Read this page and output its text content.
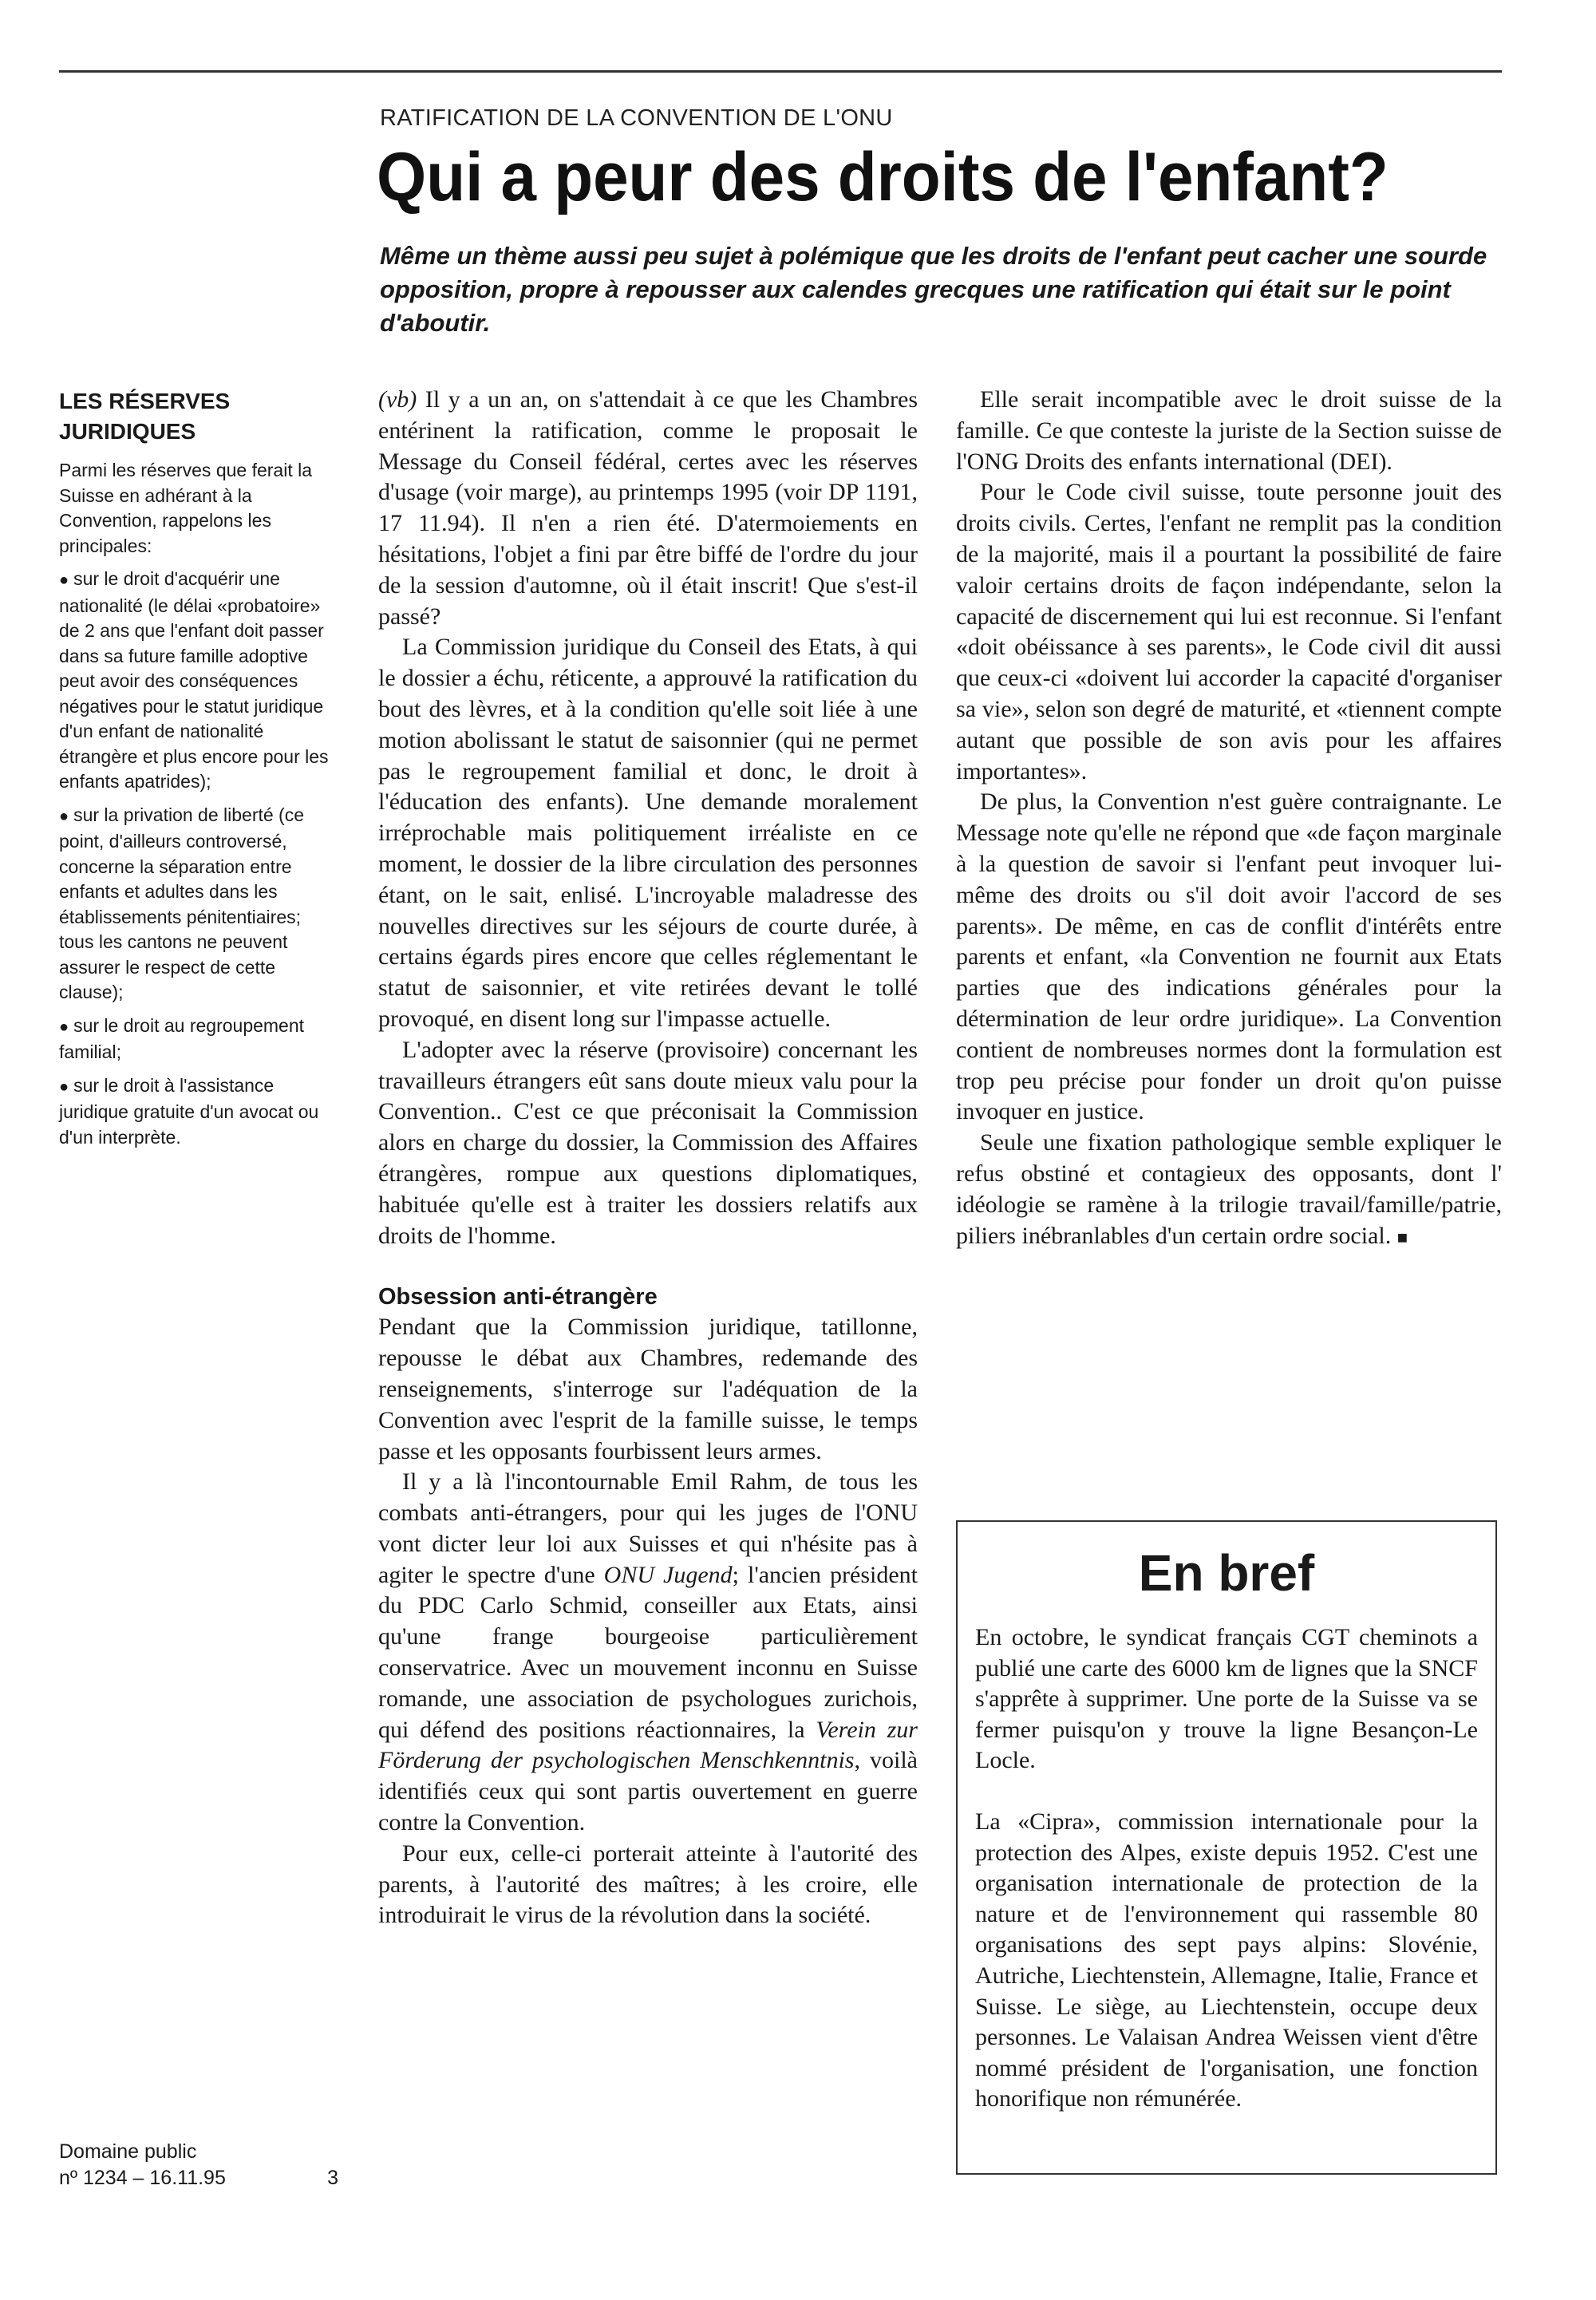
RATIFICATION DE LA CONVENTION DE L'ONU
Qui a peur des droits de l'enfant?

Même un thème aussi peu sujet à polémique que les droits de l'enfant peut cacher une sourde opposition, propre à repousser aux calendes grecques une ratification qui était sur le point d'aboutir.

LES RÉSERVES JURIDIQUES

Parmi les réserves que ferait la Suisse en adhérant à la Convention, rappelons les principales:

● sur le droit d'acquérir une nationalité (le délai «probatoire» de 2 ans que l'enfant doit passer dans sa future famille adoptive peut avoir des conséquences négatives pour le statut juridique d'un enfant de nationalité étrangère et plus encore pour les enfants apatrides);

● sur la privation de liberté (ce point, d'ailleurs controversé, concerne la séparation entre enfants et adultes dans les établissements pénitentiaires; tous les cantons ne peuvent assurer le respect de cette clause);

● sur le droit au regroupement familial;

● sur le droit à l'assistance juridique gratuite d'un avocat ou d'un interprète.

Domaine public
nº 1234 – 16.11.95	3

(vb) Il y a un an, on s'attendait à ce que les Chambres entérinent la ratification, comme le proposait le Message du Conseil fédéral, certes avec les réserves d'usage (voir marge), au printemps 1995 (voir DP 1191, 17 11.94). Il n'en a rien été. D'atermoiements en hésitations, l'objet a fini par être biffé de l'ordre du jour de la session d'automne, où il était inscrit! Que s'est-il passé?

La Commission juridique du Conseil des Etats, à qui le dossier a échu, réticente, a approuvé la ratification du bout des lèvres, et à la condition qu'elle soit liée à une motion abolissant le statut de saisonnier (qui ne permet pas le regroupement familial et donc, le droit à l'éducation des enfants). Une demande moralement irréprochable mais politiquement irréaliste en ce moment, le dossier de la libre circulation des personnes étant, on le sait, enlisé. L'incroyable maladresse des nouvelles directives sur les séjours de courte durée, à certains égards pires encore que celles réglementant le statut de saisonnier, et vite retirées devant le tollé provoqué, en disent long sur l'impasse actuelle.

L'adopter avec la réserve (provisoire) concernant les travailleurs étrangers eût sans doute mieux valu pour la Convention.. C'est ce que préconisait la Commission alors en charge du dossier, la Commission des Affaires étrangères, rompue aux questions diplomatiques, habituée qu'elle est à traiter les dossiers relatifs aux droits de l'homme.

Obsession anti-étrangère

Pendant que la Commission juridique, tatillonne, repousse le débat aux Chambres, redemande des renseignements, s'interroge sur l'adéquation de la Convention avec l'esprit de la famille suisse, le temps passe et les opposants fourbissent leurs armes.

Il y a là l'incontournable Emil Rahm, de tous les combats anti-étrangers, pour qui les juges de l'ONU vont dicter leur loi aux Suisses et qui n'hésite pas à agiter le spectre d'une ONU Jugend; l'ancien président du PDC Carlo Schmid, conseiller aux Etats, ainsi qu'une frange bourgeoise particulièrement conservatrice. Avec un mouvement inconnu en Suisse romande, une association de psychologues zurichois, qui défend des positions réactionnaires, la Verein zur Förderung der psychologischen Menschkenntnis, voilà identifiés ceux qui sont partis ouvertement en guerre contre la Convention.

Pour eux, celle-ci porterait atteinte à l'autorité des parents, à l'autorité des maîtres; à les croire, elle introduirait le virus de la révolution dans la société.

Elle serait incompatible avec le droit suisse de la famille. Ce que conteste la juriste de la Section suisse de l'ONG Droits des enfants international (DEI).

Pour le Code civil suisse, toute personne jouit des droits civils. Certes, l'enfant ne remplit pas la condition de la majorité, mais il a pourtant la possibilité de faire valoir certains droits de façon indépendante, selon la capacité de discernement qui lui est reconnue. Si l'enfant «doit obéissance à ses parents», le Code civil dit aussi que ceux-ci «doivent lui accorder la capacité d'organiser sa vie», selon son degré de maturité, et «tiennent compte autant que possible de son avis pour les affaires importantes».

De plus, la Convention n'est guère contraignante. Le Message note qu'elle ne répond que «de façon marginale à la question de savoir si l'enfant peut invoquer lui-même des droits ou s'il doit avoir l'accord de ses parents». De même, en cas de conflit d'intérêts entre parents et enfant, «la Convention ne fournit aux Etats parties que des indications générales pour la détermination de leur ordre juridique». La Convention contient de nombreuses normes dont la formulation est trop peu précise pour fonder un droit qu'on puisse invoquer en justice.

Seule une fixation pathologique semble expliquer le refus obstiné et contagieux des opposants, dont l' idéologie se ramène à la trilogie travail/famille/patrie, piliers inébranlables d'un certain ordre social. ■

En bref

En octobre, le syndicat français CGT cheminots a publié une carte des 6000 km de lignes que la SNCF s'apprête à supprimer. Une porte de la Suisse va se fermer puisqu'on y trouve la ligne Besançon-Le Locle.

La «Cipra», commission internationale pour la protection des Alpes, existe depuis 1952. C'est une organisation internationale de protection de la nature et de l'environnement qui rassemble 80 organisations des sept pays alpins: Slovénie, Autriche, Liechtenstein, Allemagne, Italie, France et Suisse. Le siège, au Liechtenstein, occupe deux personnes. Le Valaisan Andrea Weissen vient d'être nommé président de l'organisation, une fonction honorifique non rémunérée.
